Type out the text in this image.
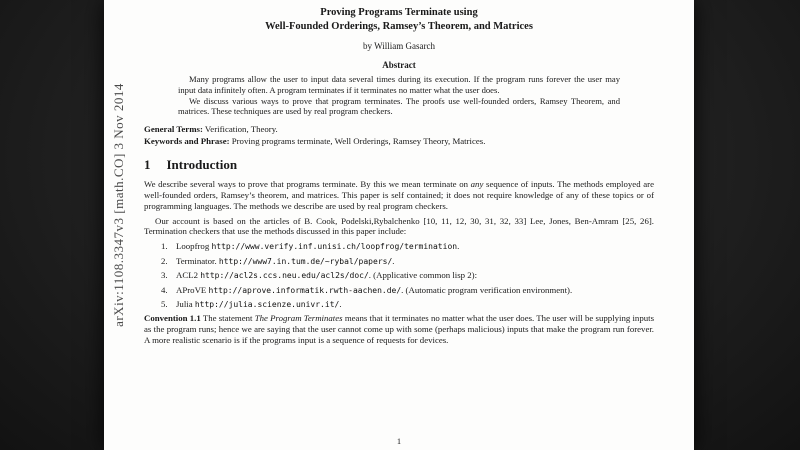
arXiv:1108.3347v3 [math.CO] 3 Nov 2014
Proving Programs Terminate using
Well-Founded Orderings, Ramsey’s Theorem, and Matrices
by William Gasarch
Abstract

Many programs allow the user to input data several times during its execution. If the program runs forever the user may input data infinitely often. A program terminates if it terminates no matter what the user does.

We discuss various ways to prove that program terminates. The proofs use well-founded orders, Ramsey Theorem, and matrices. These techniques are used by real program checkers.

General Terms: Verification, Theory.

Keywords and Phrase: Proving programs terminate, Well Orderings, Ramsey Theory, Matrices.

1 Introduction

We describe several ways to prove that programs terminate. By this we mean terminate on any sequence of inputs. The methods employed are well-founded orders, Ramsey’s theorem, and matrices. This paper is self contained; it does not require knowledge of any of these topics or of programming languages. The methods we describe are used by real program checkers.

Our account is based on the articles of B. Cook, Podelski,Rybalchenko [10, 11, 12, 30, 31, 32, 33] Lee, Jones, Ben-Amram [25, 26]. Termination checkers that use the methods discussed in this paper include:

1. Loopfrog http://www.verify.inf.unisi.ch/loopfrog/termination.
2. Terminator. http://www7.in.tum.de/~rybal/papers/.
3. ACL2 http://acl2s.ccs.neu.edu/acl2s/doc/. (Applicative common lisp 2):
4. AProVE http://aprove.informatik.rwth-aachen.de/. (Automatic program verification environment).
5. Julia http://julia.scienze.univr.it/.

Convention 1.1 The statement The Program Terminates means that it terminates no matter what the user does. The user will be supplying inputs as the program runs; hence we are saying that the user cannot come up with some (perhaps malicious) inputs that make the program run forever. A more realistic scenario is if the programs input is a sequence of requests for devices.

1
